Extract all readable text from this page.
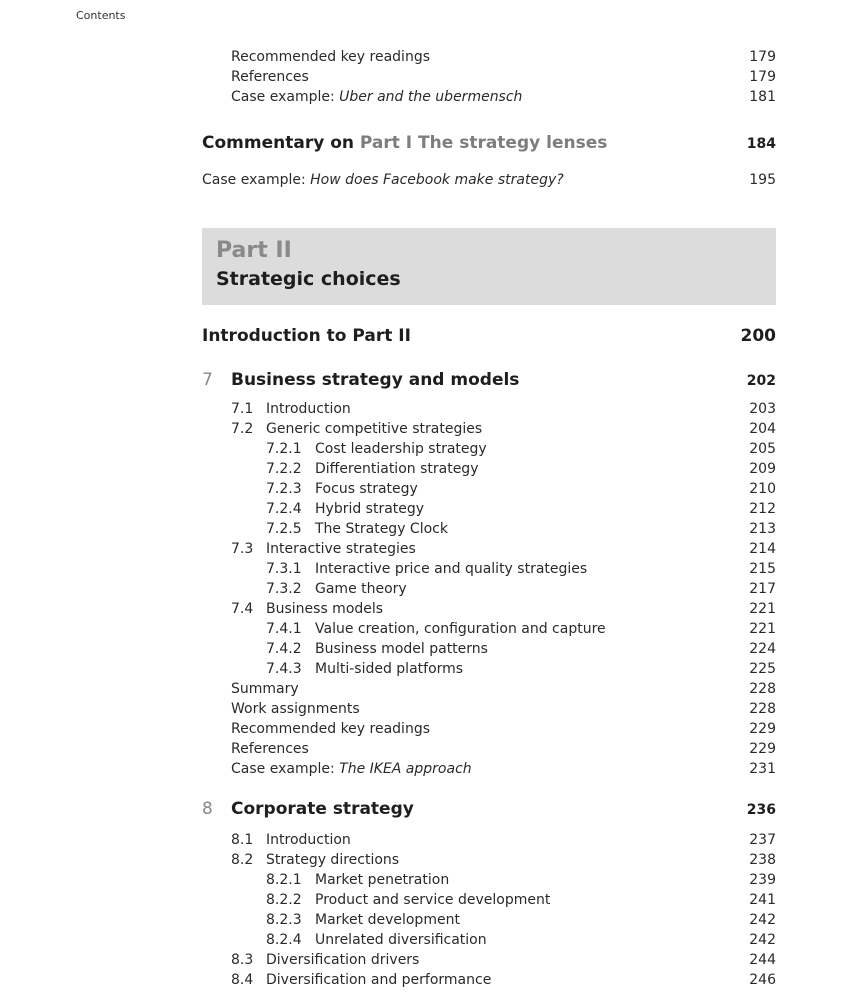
Contents
Recommended key readings	179
References	179
Case example: Uber and the ubermensch	181
Commentary on Part I The strategy lenses	184
Case example: How does Facebook make strategy?	195
Part II
Strategic choices
Introduction to Part II	200
7 Business strategy and models	202
7.1 Introduction	203
7.2 Generic competitive strategies	204
7.2.1 Cost leadership strategy	205
7.2.2 Differentiation strategy	209
7.2.3 Focus strategy	210
7.2.4 Hybrid strategy	212
7.2.5 The Strategy Clock	213
7.3 Interactive strategies	214
7.3.1 Interactive price and quality strategies	215
7.3.2 Game theory	217
7.4 Business models	221
7.4.1 Value creation, configuration and capture	221
7.4.2 Business model patterns	224
7.4.3 Multi-sided platforms	225
Summary	228
Work assignments	228
Recommended key readings	229
References	229
Case example: The IKEA approach	231
8 Corporate strategy	236
8.1 Introduction	237
8.2 Strategy directions	238
8.2.1 Market penetration	239
8.2.2 Product and service development	241
8.2.3 Market development	242
8.2.4 Unrelated diversification	242
8.3 Diversification drivers	244
8.4 Diversification and performance	246
